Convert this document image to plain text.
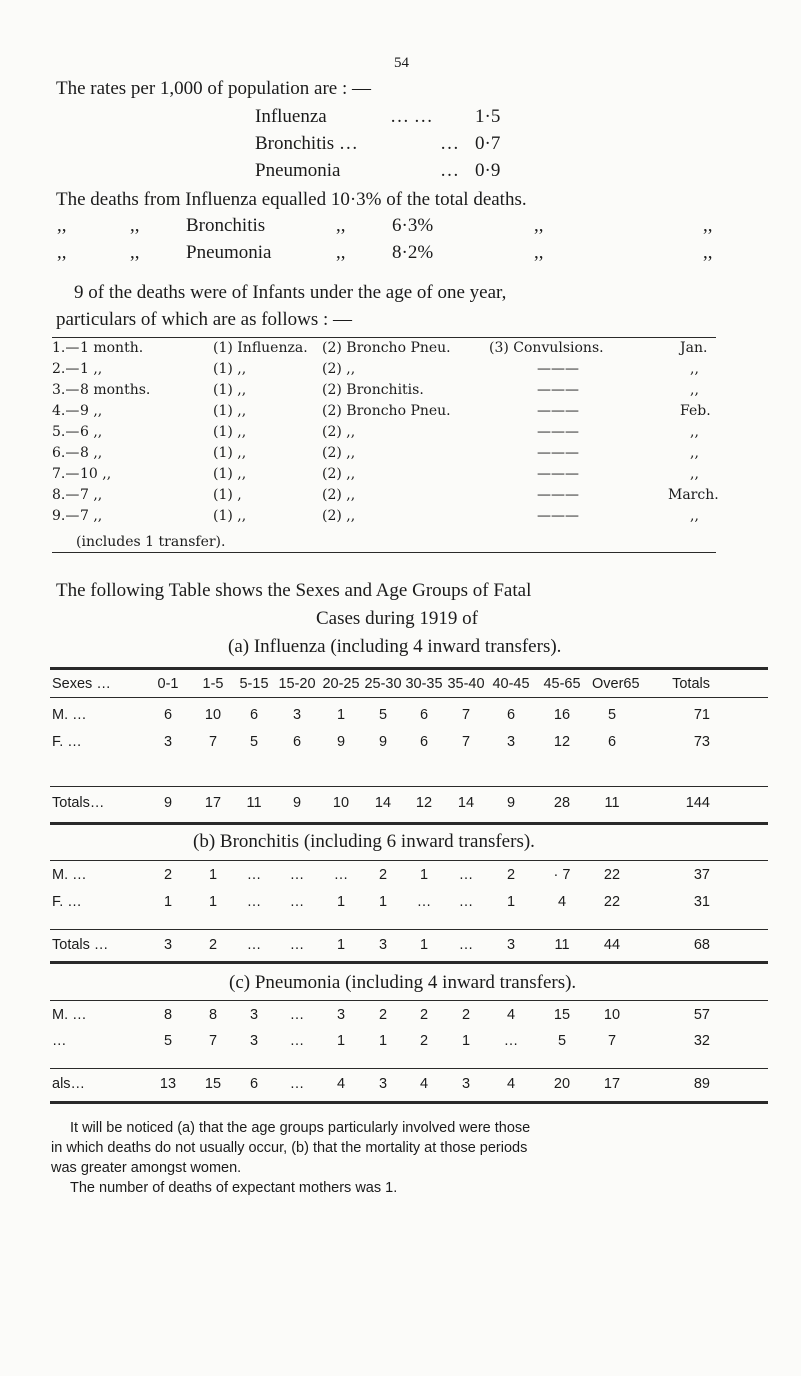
54
The rates per 1,000 of population are : —
Influenza	… … 1·5
Bronchitis …	… 0·7
Pneumonia	… 0·9
The deaths from Influenza equalled 10·3% of the total deaths.
,,	,, Bronchitis	,, 6·3%	,,	,,
,,	,, Pneumonia	,, 8·2%	,,	,,
9 of the deaths were of Infants under the age of one year,
particulars of which are as follows : —
1.— 1 month.	(1) Influenza. (2) Broncho Pneu.	(3) Convulsions.	Jan.
2.— 1 ,,	(1) ,,	(2) ,,	———	,,
3.— 8 months.	(1) ,,	(2) Bronchitis.	———	,,
4.— 9 ,,	(1) ,,	(2) Broncho Pneu.	———	Feb.
5.— 6 ,,	(1) ,,	(2) ,,	———	,,
6.— 8 ,,	(1) ,,	(2) ,,	———	,,
7.— 10 ,,	(1) ,,	(2) ,,	———	,,
8.— 7 ,,	(1) ,	(2) ,,	———	March.
9.— 7 ,,	(1) ,,	(2) ,,	———	,,
(includes 1 transfer).
The following Table shows the Sexes and Age Groups of Fatal
Cases during 1919 of
(a) Influenza (including 4 inward transfers).
Sexes …	0-1	1-5	5-15 15-20 20-25 25-30 30-35 35-40 40-45 45-65 Over65 Totals
M. …	6	10	6	3	1	5	6	7	6	16	5	71
F. …	3	7	5	6	9	9	6	7	3	12	6	73
Totals…	9	17	11	9	10	14	12	14	9	28	11	144
(b) Bronchitis (including 6 inward transfers).
M. …	2	1	…	…	…	2	1	…	2	· 7	22	37
F. …	1	1	…	…	1	1	…	…	1	4	22	31
Totals …	3	2	…	…	1	3	1	…	3	11	44	68
(c) Pneumonia (including 4 inward transfers).
M. …	8	8	3	…	3	2	2	2	4	15	10	57
…	5	7	3	…	1	1	2	1	…	5	7	32
als…	13	15	6	…	4	3	4	3	4	20	17	89
It will be noticed (a) that the age groups particularly involved were those
in which deaths do not usually occur, (b) that the mortality at those periods
was greater amongst women.
The number of deaths of expectant mothers was 1.
